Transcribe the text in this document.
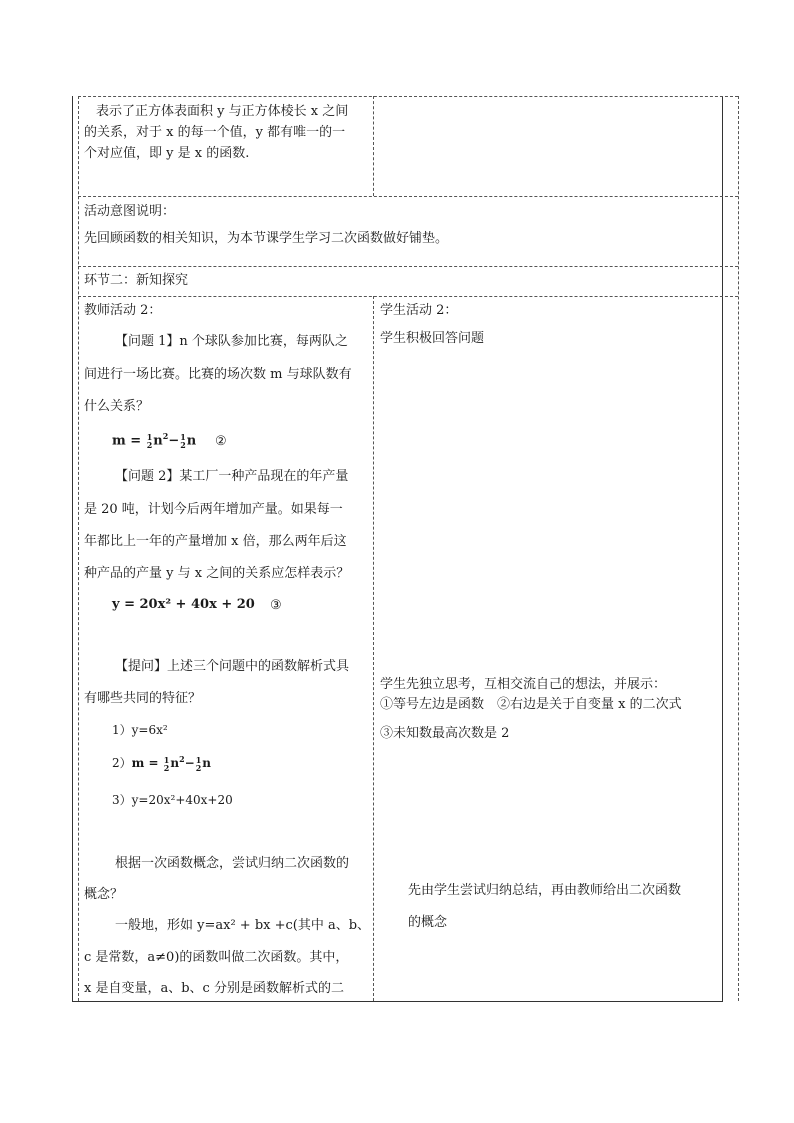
表示了正方体表面积 y 与正方体棱长 x 之间
的关系，对于 x 的每一个值，y 都有唯一的一
个对应值，即 y 是 x 的函数.
活动意图说明：
先回顾函数的相关知识，为本节课学生学习二次函数做好铺垫。
环节二：新知探究
教师活动 2：
【问题 1】n 个球队参加比赛，每两队之
间进行一场比赛。比赛的场次数 m 与球队数有
什么关系？
m = 1
2 $n^2- 1$
2 n ②
【问题 2】某工厂一种产品现在的年产量
是 20 吨，计划今后两年增加产量。如果每一
年都比上一年的产量增加 x 倍，那么两年后这
种产品的产量 y 与 x 之间的关系应怎样表示？
y = 20x² + 40x + 20 ③
【提问】上述三个问题中的函数解析式具
有哪些共同的特征？
1）y=6x²
2）m = 1
2 $n^2- 1$
2 n
3）y=20x²+40x+20
根据一次函数概念，尝试归纳二次函数的
概念？
一般地，形如 y=ax² + bx +c(其中 a、b、
c 是常数，a≠0)的函数叫做二次函数。其中，
x 是自变量，a、b、c 分别是函数解析式的二
学生活动 2：
学生积极回答问题
学生先独立思考，互相交流自己的想法，并展示：
①等号左边是函数　②右边是关于自变量 x 的二次式
③未知数最高次数是 2
先由学生尝试归纳总结，再由教师给出二次函数
的概念
